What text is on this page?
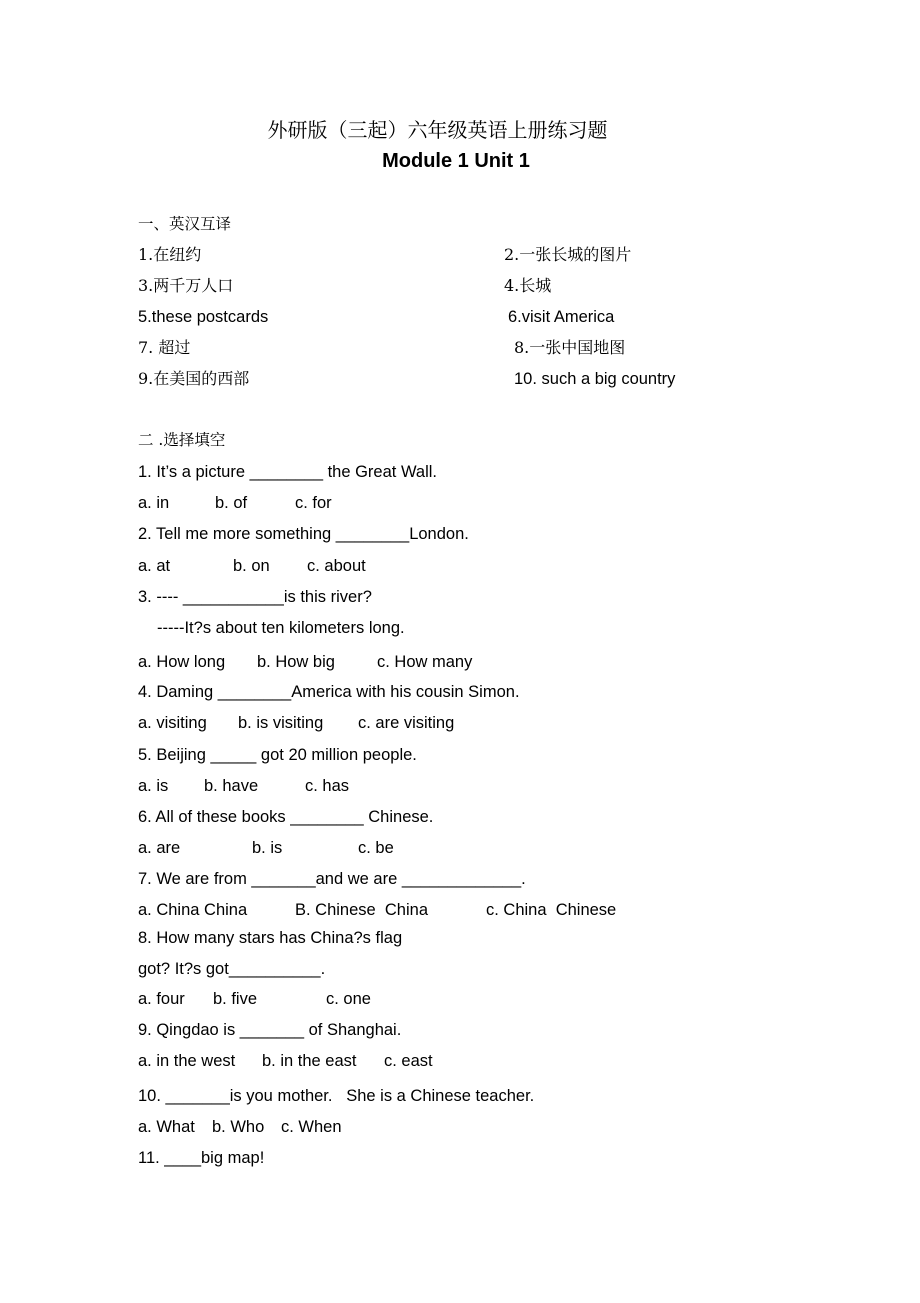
外研版（三起）六年级英语上册练习题
Module 1 Unit 1
一、英汉互译
1.在纽约	2.一张长城的图片
3.两千万人口	4.长城
5.these postcards	6.visit America
7. 超过	8.一张中国地图
9.在美国的西部	10. such a big country
二 .选择填空
1. It’s a picture ________ the Great Wall.
a. in	b. of	c. for
2. Tell me more something ________London.
a. at	b. on c. about
3. ---- ___________is this river?
-----It?s about ten kilometers long.
a. How long b. How big	c. How many
4. Daming ________America with his cousin Simon.
a. visiting b. is visiting c. are visiting
5. Beijing _____ got 20 million people.
a. is b. have	c. has
6. All of these books ________ Chinese.
a. are	b. is	c. be
7. We are from _______and we are _____________.
a. China China	B. Chinese  China	c. China  Chinese
8. How many stars has China?s flag
got? It?s got__________.
a. four b. five	c. one
9. Qingdao is _______ of Shanghai.
a. in the west b. in the east c. east
10. _______is you mother.   She is a Chinese teacher.
a. What b. Who c. When
11. ____big map!
